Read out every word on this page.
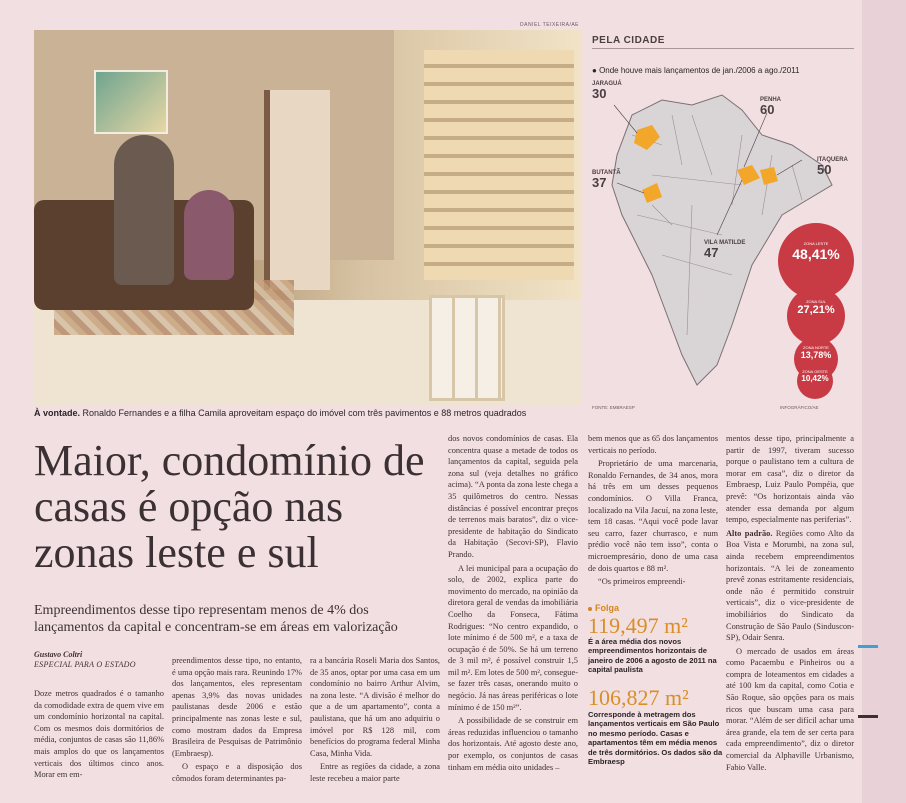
DANIEL TEIXEIRA/AE
À vontade. Ronaldo Fernandes e a filha Camila aproveitam espaço do imóvel com três pavimentos e 88 metros quadrados
Maior, condomínio de casas é opção nas zonas leste e sul
Empreendimentos desse tipo representam menos de 4% dos lançamentos da capital e concentram-se em áreas em valorização
Gustavo Coltri
ESPECIAL PARA O ESTADO

Doze metros quadrados é o tamanho da comodidade extra de quem vive em um condomínio horizontal na capital. Com os mesmos dois dormitórios de média, conjuntos de casas são 11,86% mais amplos do que os lançamentos verticais dos últimos cinco anos. Morar em em-

preendimentos desse tipo, no entanto, é uma opção mais rara. Reunindo 17% dos lançamentos, eles representam apenas 3,9% das novas unidades paulistanas desde 2006 e estão principalmente nas zonas leste e sul, como mostram dados da Empresa Brasileira de Pesquisas de Patrimônio (Embraesp).

O espaço e a disposição dos cômodos foram determinantes pa-

ra a bancária Roseli Maria dos Santos, de 35 anos, optar por uma casa em um condomínio no bairro Arthur Alvim, na zona leste. “A divisão é melhor do que a de um apartamento”, conta a paulistana, que há um ano adquiriu o imóvel por R$ 128 mil, com benefícios do programa federal Minha Casa, Minha Vida.

Entre as regiões da cidade, a zona leste recebeu a maior parte

dos novos condomínios de casas. Ela concentra quase a metade de todos os lançamentos da capital, seguida pela zona sul (veja detalhes no gráfico acima). “A ponta da zona leste chega a 35 quilômetros do centro. Nessas distâncias é possível encontrar preços de terrenos mais baratos”, diz o vice-presidente de habitação do Sindicato da Habitação (Secovi-SP), Flavio Prando.

A lei municipal para a ocupação do solo, de 2002, explica parte do movimento do mercado, na opinião da diretora geral de vendas da imobiliária Coelho da Fonseca, Fátima Rodrigues: “No centro expandido, o lote mínimo é de 500 m², e a taxa de ocupação é de 50%. Se há um terreno de 3 mil m², é possível construir 1,5 mil m². Em lotes de 500 m², consegue-se fazer três casas, onerando muito o negócio. Já nas áreas periféricas o lote mínimo é de 150 m²”.

A possibilidade de se construir em áreas reduzidas influenciou o tamanho dos horizontais. Até agosto deste ano, por exemplo, os conjuntos de casas tinham em média oito unidades –

bem menos que as 65 dos lançamentos verticais no período.

Proprietário de uma marcenaria, Ronaldo Fernandes, de 34 anos, mora há três em um desses pequenos condomínios. O Villa Franca, localizado na Vila Jacuí, na zona leste, tem 18 casas. “Aqui você pode lavar seu carro, fazer churrasco, e num prédio você não tem isso”, conta o microempresário, dono de uma casa de dois quartos e 88 m².

“Os primeiros empreendi-

mentos desse tipo, principalmente a partir de 1997, tiveram sucesso porque o paulistano tem a cultura de morar em casa”, diz o diretor da Embraesp, Luiz Paulo Pompéia, que prevê: “Os horizontais ainda vão atender essa demanda por algum tempo, especialmente nas periferias”.

Alto padrão. Regiões como Alto da Boa Vista e Morumbi, na zona sul, ainda recebem empreendimentos horizontais. “A lei de zoneamento prevê zonas estritamente residenciais, onde não é permitido construir verticais”, diz o vice-presidente de imobiliários do Sindicato da Construção de São Paulo (Sinduscon-SP), Odair Senra.

O mercado de usados em áreas como Pacaembu e Pinheiros ou a compra de loteamentos em cidades a até 100 km da capital, como Cotia e São Roque, são opções para os mais ricos que buscam uma casa para morar. “Além de ser difícil achar uma área grande, ela tem de ser certa para cada empreendimento”, diz o diretor comercial da Alphaville Urbanismo, Fabio Valle.

PELA CIDADE
● Onde houve mais lançamentos de jan./2006 a ago./2011
JARAGUÁ
30	PENHA
60
BUTANTÃ
37
ITAQUERA
50
VILA MATILDE
47
ZONA LESTE
48,41%
ZONA SUL
27,21%
ZONA NORTE
13,78%
ZONA OESTE
10,42%
FONTE: EMBRAESP	INFOGRÁFICO/AE
Folga
119,497 m²
É a área média dos novos empreendimentos horizontais de janeiro de 2006 a agosto de 2011 na capital paulista
106,827 m²
Corresponde à metragem dos lançamentos verticais em São Paulo no mesmo período. Casas e apartamentos têm em média menos de três dormitórios. Os dados são da Embraesp
